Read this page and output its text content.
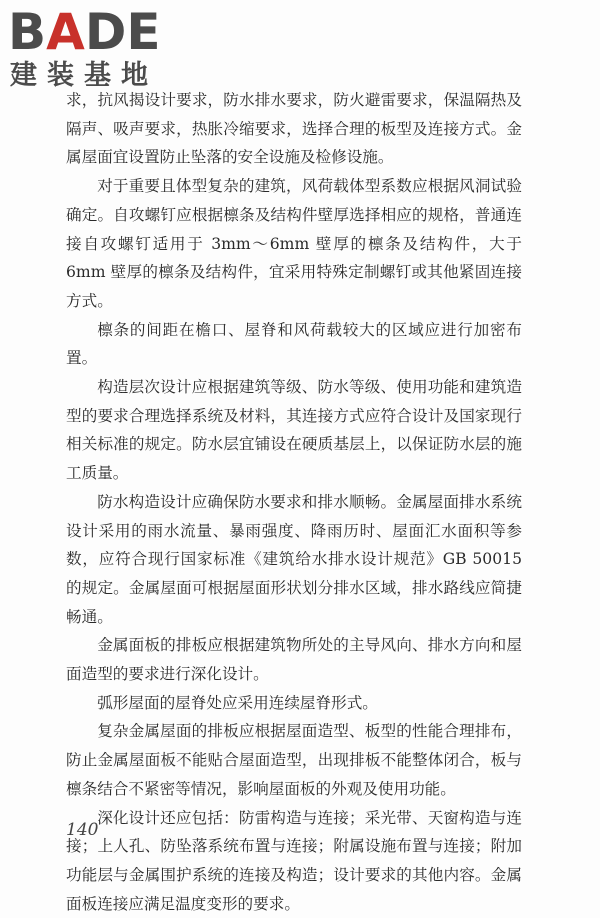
BADE
建装基地

求，抗风揭设计要求，防水排水要求，防火避雷要求，保温隔热及隔声、吸声要求，热胀冷缩要求，选择合理的板型及连接方式。金属屋面宜设置防止坠落的安全设施及检修设施。

对于重要且体型复杂的建筑，风荷载体型系数应根据风洞试验确定。自攻螺钉应根据檩条及结构件壁厚选择相应的规格，普通连接自攻螺钉适用于 3mm～6mm 壁厚的檩条及结构件，大于 6mm 壁厚的檩条及结构件，宜采用特殊定制螺钉或其他紧固连接方式。

檩条的间距在檐口、屋脊和风荷载较大的区域应进行加密布置。

构造层次设计应根据建筑等级、防水等级、使用功能和建筑造型的要求合理选择系统及材料，其连接方式应符合设计及国家现行相关标准的规定。防水层宜铺设在硬质基层上，以保证防水层的施工质量。

防水构造设计应确保防水要求和排水顺畅。金属屋面排水系统设计采用的雨水流量、暴雨强度、降雨历时、屋面汇水面积等参数，应符合现行国家标准《建筑给水排水设计规范》GB 50015 的规定。金属屋面可根据屋面形状划分排水区域，排水路线应简捷畅通。

金属面板的排板应根据建筑物所处的主导风向、排水方向和屋面造型的要求进行深化设计。

弧形屋面的屋脊处应采用连续屋脊形式。

复杂金属屋面的排板应根据屋面造型、板型的性能合理排布，防止金属屋面板不能贴合屋面造型，出现排板不能整体闭合，板与檩条结合不紧密等情况，影响屋面板的外观及使用功能。

深化设计还应包括：防雷构造与连接；采光带、天窗构造与连接；上人孔、防坠落系统布置与连接；附属设施布置与连接；附加功能层与金属围护系统的连接及构造；设计要求的其他内容。金属面板连接应满足温度变形的要求。

140
